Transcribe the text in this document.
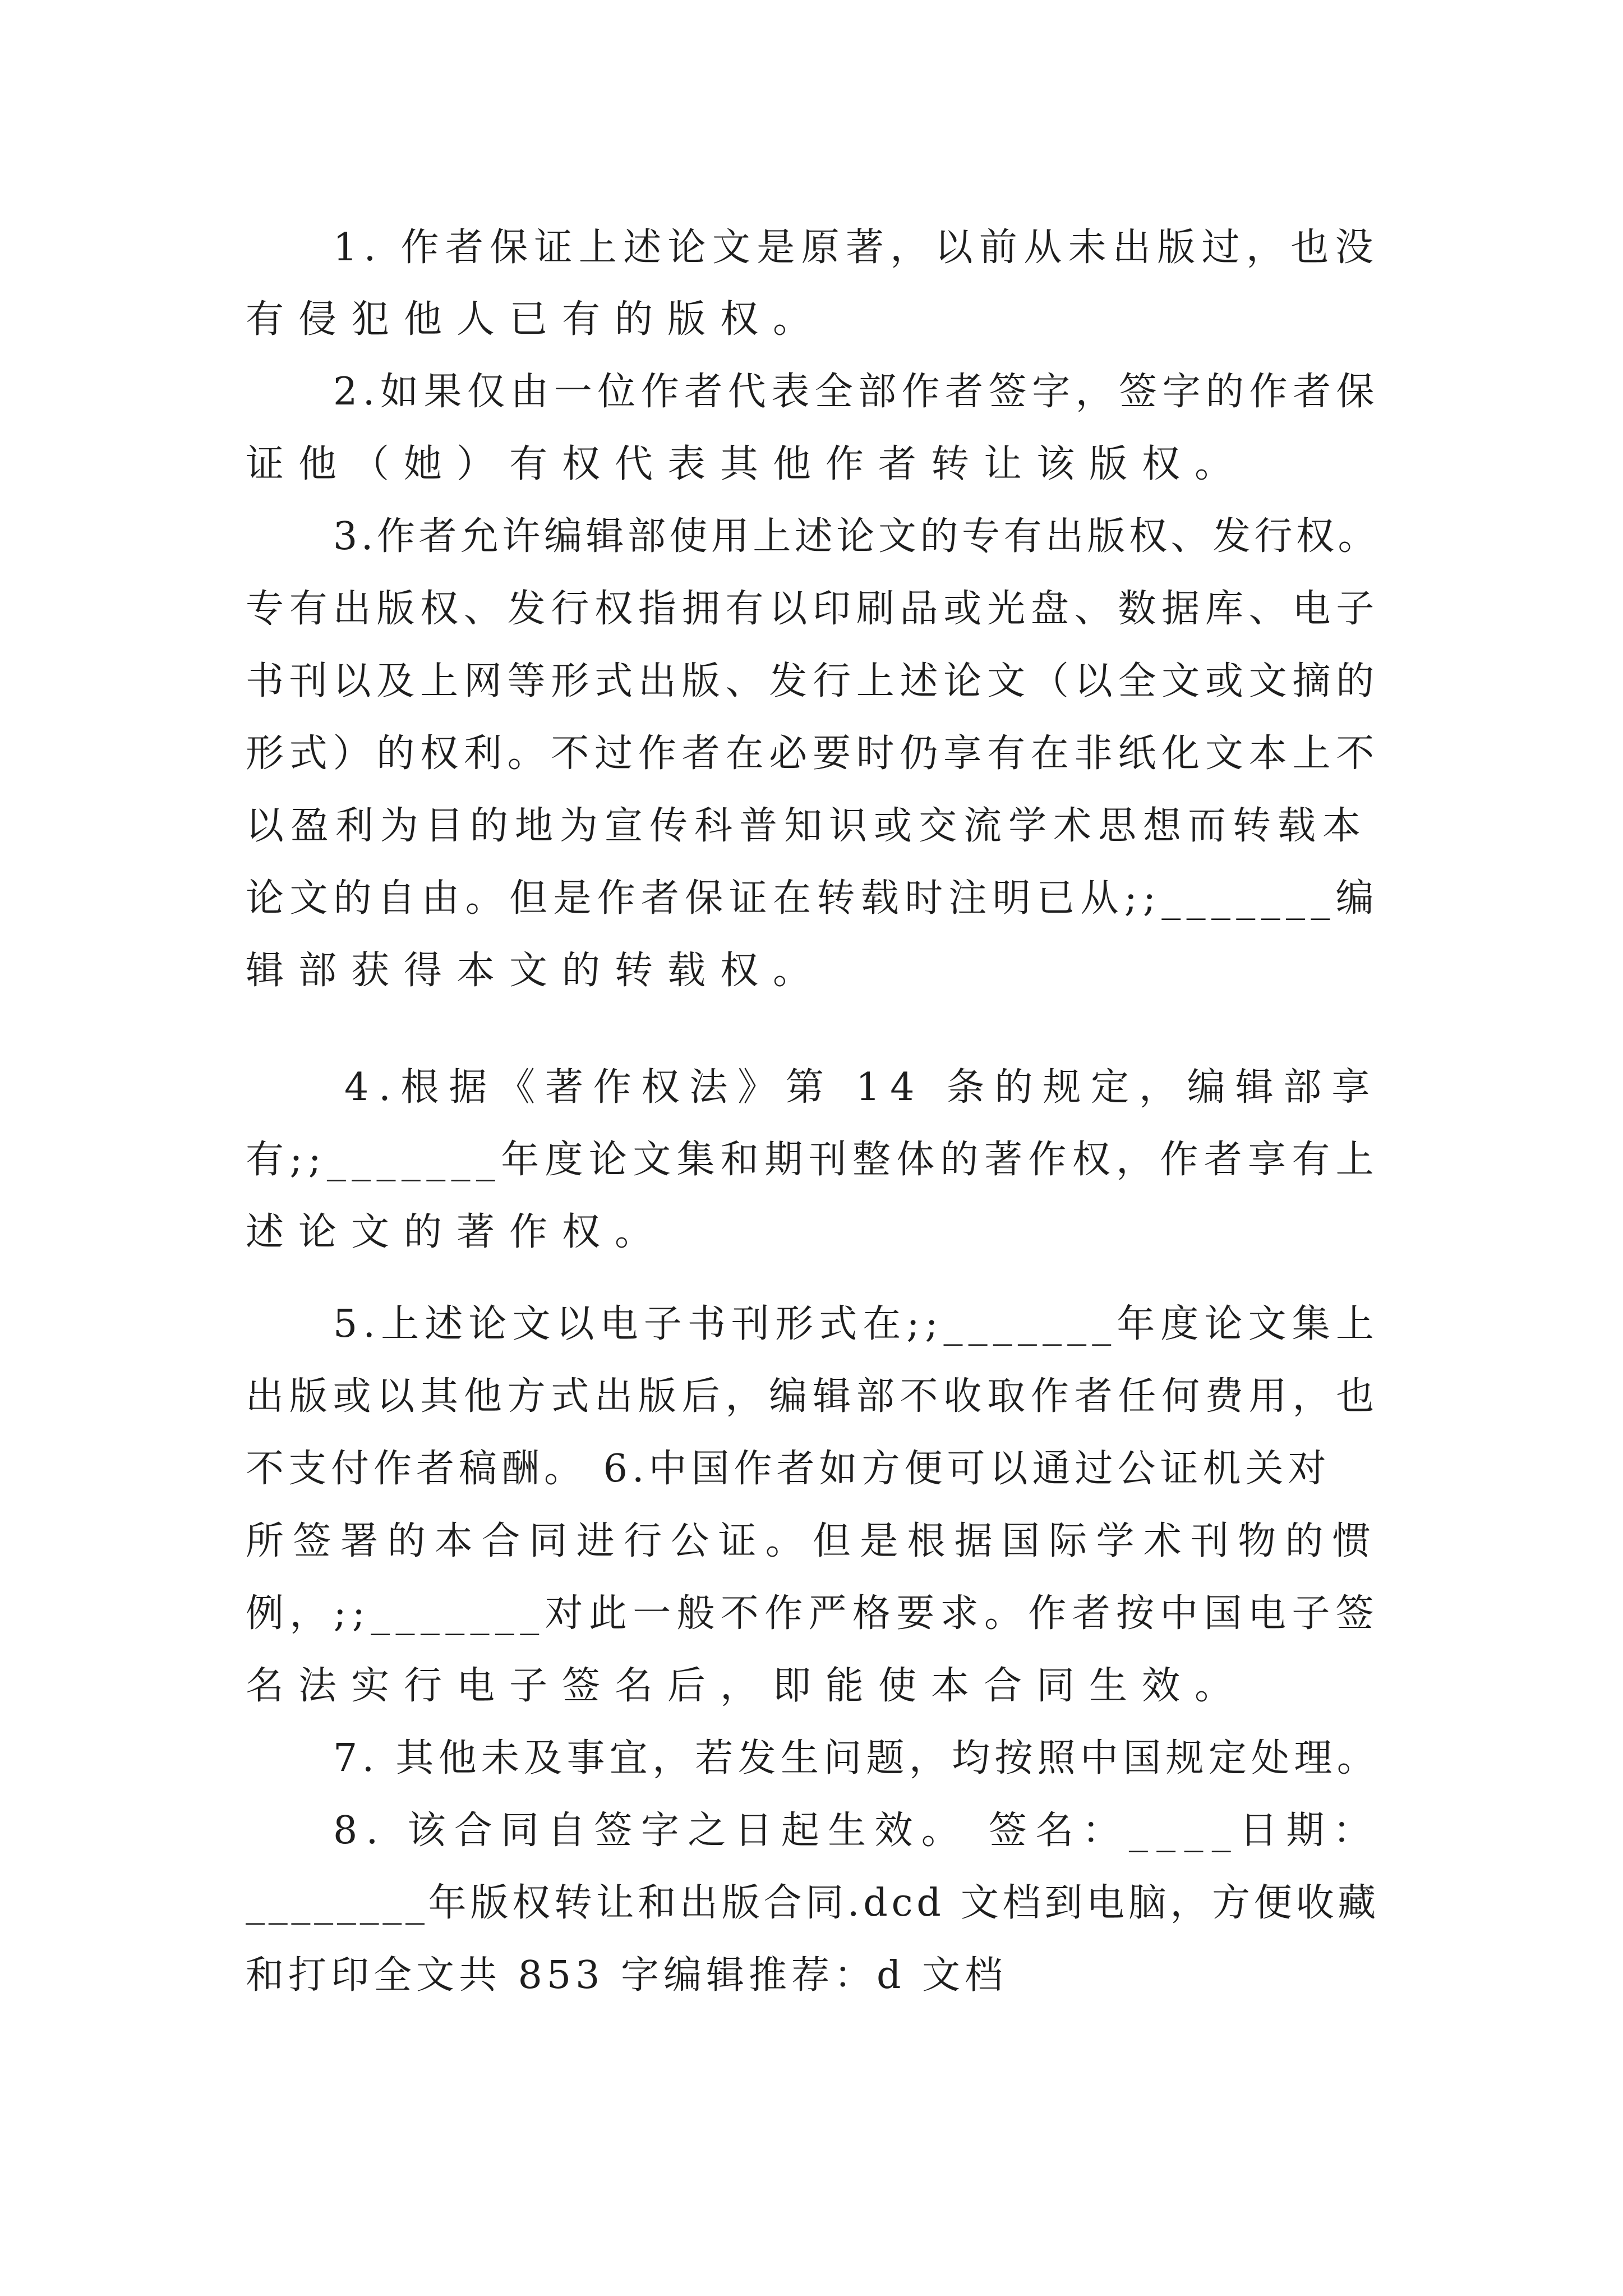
1. 作者保证上述论文是原著，以前从未出版过，也没
有侵犯他人已有的版权。
2.如果仅由一位作者代表全部作者签字，签字的作者保
证他（她）有权代表其他作者转让该版权。
3.作者允许编辑部使用上述论文的专有出版权、发行权。
专有出版权、发行权指拥有以印刷品或光盘、数据库、电子
书刊以及上网等形式出版、发行上述论文（以全文或文摘的
形式）的权利。不过作者在必要时仍享有在非纸化文本上不
以盈利为目的地为宣传科普知识或交流学术思想而转载本
论文的自由。但是作者保证在转载时注明已从;;_______编
辑部获得本文的转载权。
4.根据《著作权法》第 14 条的规定，编辑部享
有;;_______年度论文集和期刊整体的著作权，作者享有上
述论文的著作权。
5.上述论文以电子书刊形式在;;_______年度论文集上
出版或以其他方式出版后，编辑部不收取作者任何费用，也
不支付作者稿酬。 6.中国作者如方便可以通过公证机关对
所签署的本合同进行公证。但是根据国际学术刊物的惯
例，;;_______对此一般不作严格要求。作者按中国电子签
名法实行电子签名后，即能使本合同生效。
7. 其他未及事宜，若发生问题，均按照中国规定处理。
8. 该合同自签字之日起生效。 签名：____日期：
________年版权转让和出版合同.dcd 文档到电脑，方便收藏
和打印全文共 853 字编辑推荐：d 文档
